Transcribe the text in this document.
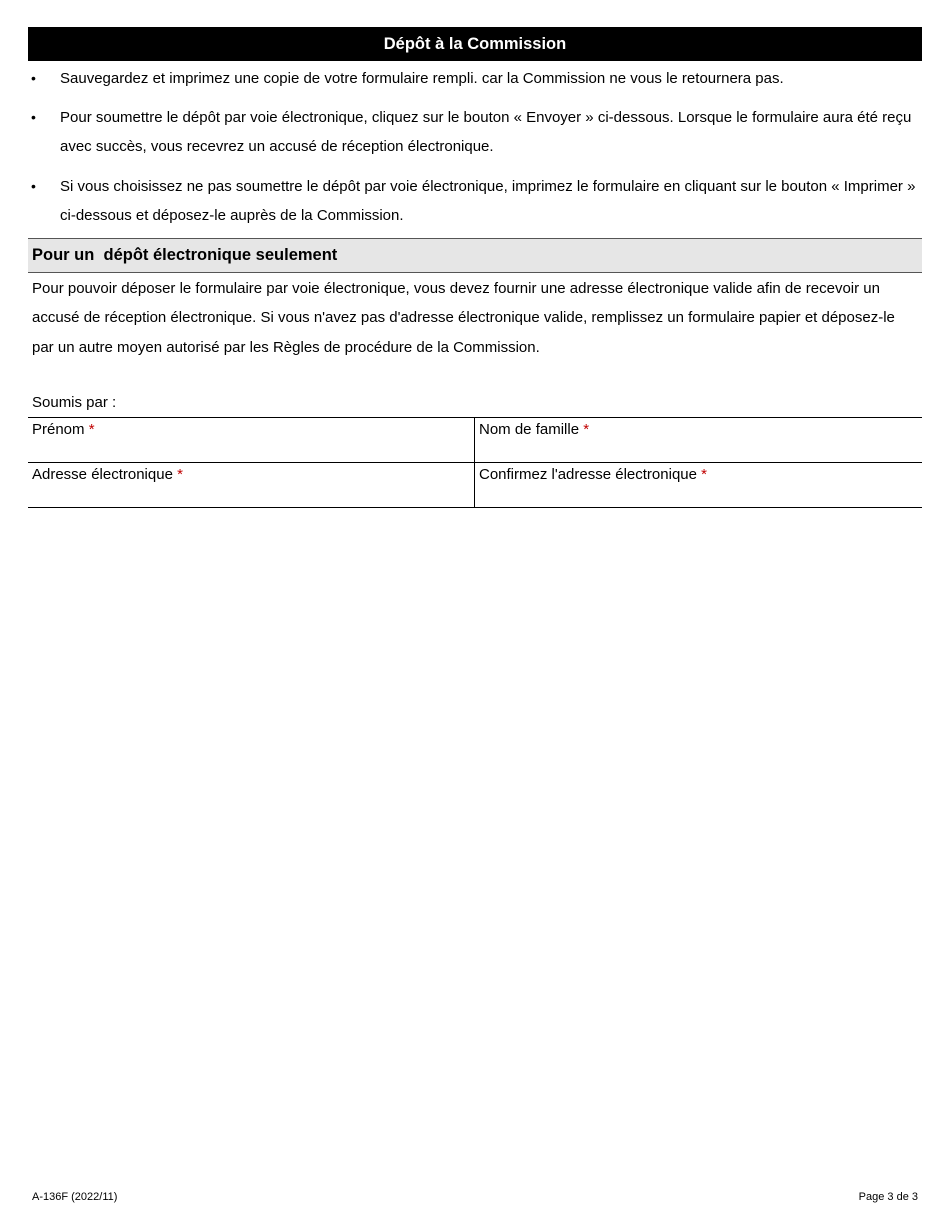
Dépôt à la Commission
• Sauvegardez et imprimez une copie de votre formulaire rempli. car la Commission ne vous le retournera pas.
• Pour soumettre le dépôt par voie électronique, cliquez sur le bouton « Envoyer » ci-dessous. Lorsque le formulaire aura été reçu avec succès, vous recevrez un accusé de réception électronique.
• Si vous choisissez ne pas soumettre le dépôt par voie électronique, imprimez le formulaire en cliquant sur le bouton « Imprimer » ci-dessous et déposez-le auprès de la Commission.
Pour un  dépôt électronique seulement

Pour pouvoir déposer le formulaire par voie électronique, vous devez fournir une adresse électronique valide afin de recevoir un accusé de réception électronique. Si vous n'avez pas d'adresse électronique valide, remplissez un formulaire papier et déposez-le par un autre moyen autorisé par les Règles de procédure de la Commission.

Soumis par :
Prénom *	Nom de famille *
Adresse électronique *	Confirmez l'adresse électronique *
A-136F (2022/11)	Page 3 de 3
